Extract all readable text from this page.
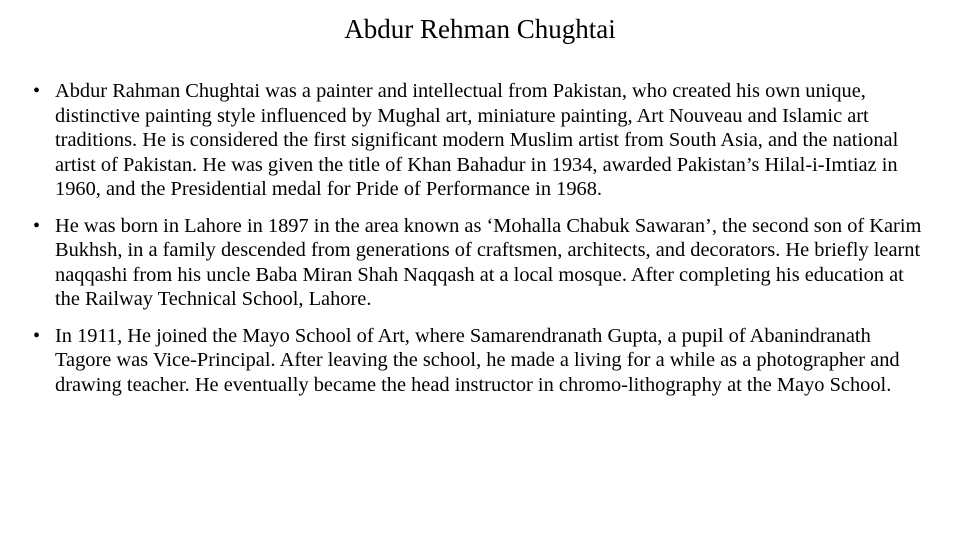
Abdur Rehman Chughtai
• Abdur Rahman Chughtai was a painter and intellectual from Pakistan, who created his own unique, distinctive painting style influenced by Mughal art, miniature painting, Art Nouveau and Islamic art traditions. He is considered the first significant modern Muslim artist from South Asia, and the national artist of Pakistan. He was given the title of Khan Bahadur in 1934, awarded Pakistan’s Hilal-i-Imtiaz in 1960, and the Presidential medal for Pride of Performance in 1968.
• He was born in Lahore in 1897 in the area known as ‘Mohalla Chabuk Sawaran’, the second son of Karim Bukhsh, in a family descended from generations of craftsmen, architects, and decorators. He briefly learnt naqqashi from his uncle Baba Miran Shah Naqqash at a local mosque. After completing his education at the Railway Technical School, Lahore.
• In 1911, He joined the Mayo School of Art, where Samarendranath Gupta, a pupil of Abanindranath Tagore was Vice-Principal. After leaving the school, he made a living for a while as a photographer and drawing teacher. He eventually became the head instructor in chromo-lithography at the Mayo School.
